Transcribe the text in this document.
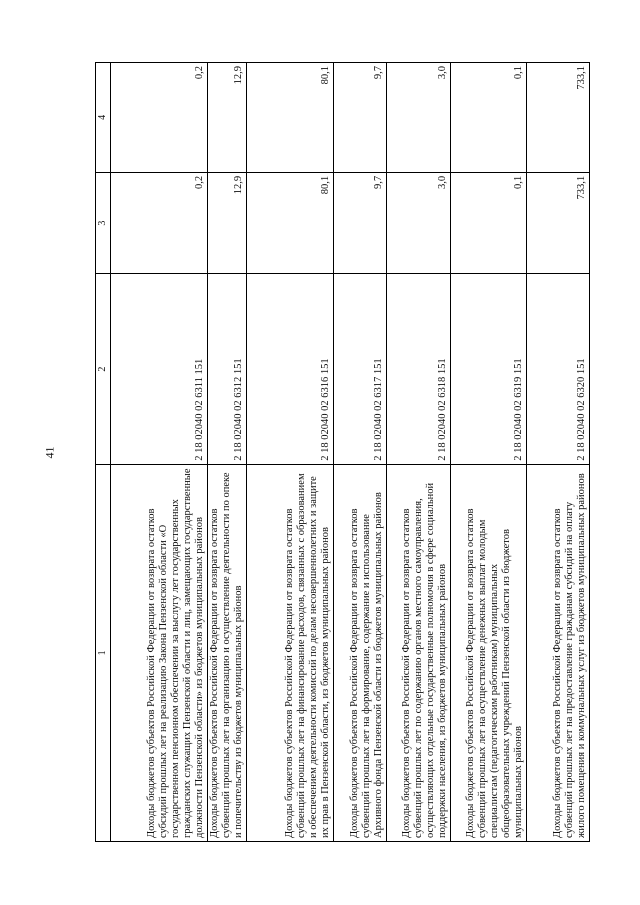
41
1	2	3	4
Доходы бюджетов субъектов Российской Федерации от возврата остатков субсидий прошлых лет на реализацию Закона Пензенской области «О государственном пенсионном обеспечении за выслугу лет государственных гражданских служащих Пензенской области и лиц, замещающих государственные должности Пензенской области» из бюджетов муниципальных районов	2 18 02040 02 6311 151	0,2	0,2
Доходы бюджетов субъектов Российской Федерации от возврата остатков субвенций прошлых лет на организацию и осуществление деятельности по опеке и попечительству из бюджетов муниципальных районов	2 18 02040 02 6312 151	12,9	12,9
Доходы бюджетов субъектов Российской Федерации от возврата остатков субвенций прошлых лет на финансирование расходов, связанных с образованием и обеспечением деятельности комиссий по делам несовершеннолетних и защите их прав в Пензенской области, из бюджетов муниципальных районов	2 18 02040 02 6316 151	80,1	80,1
Доходы бюджетов субъектов Российской Федерации от возврата остатков субвенций прошлых лет на формирование, содержание и использование Архивного фонда Пензенской области из бюджетов муниципальных районов	2 18 02040 02 6317 151	9,7	9,7
Доходы бюджетов субъектов Российской Федерации от возврата остатков субвенций прошлых лет по содержанию органов местного самоуправления, осуществляющих отдельные государственные полномочия в сфере социальной поддержки населения, из бюджетов муниципальных районов	2 18 02040 02 6318 151	3,0	3,0
Доходы бюджетов субъектов Российской Федерации от возврата остатков субвенций прошлых лет на осуществление денежных выплат молодым специалистам (педагогическим работникам) муниципальных общеобразовательных учреждений Пензенской области из бюджетов муниципальных районов	2 18 02040 02 6319 151	0,1	0,1
Доходы бюджетов субъектов Российской Федерации от возврата остатков субвенций прошлых лет на предоставление гражданам субсидий на оплату жилого помещения и коммунальных услуг из бюджетов муниципальных районов	2 18 02040 02 6320 151	733,1	733,1
